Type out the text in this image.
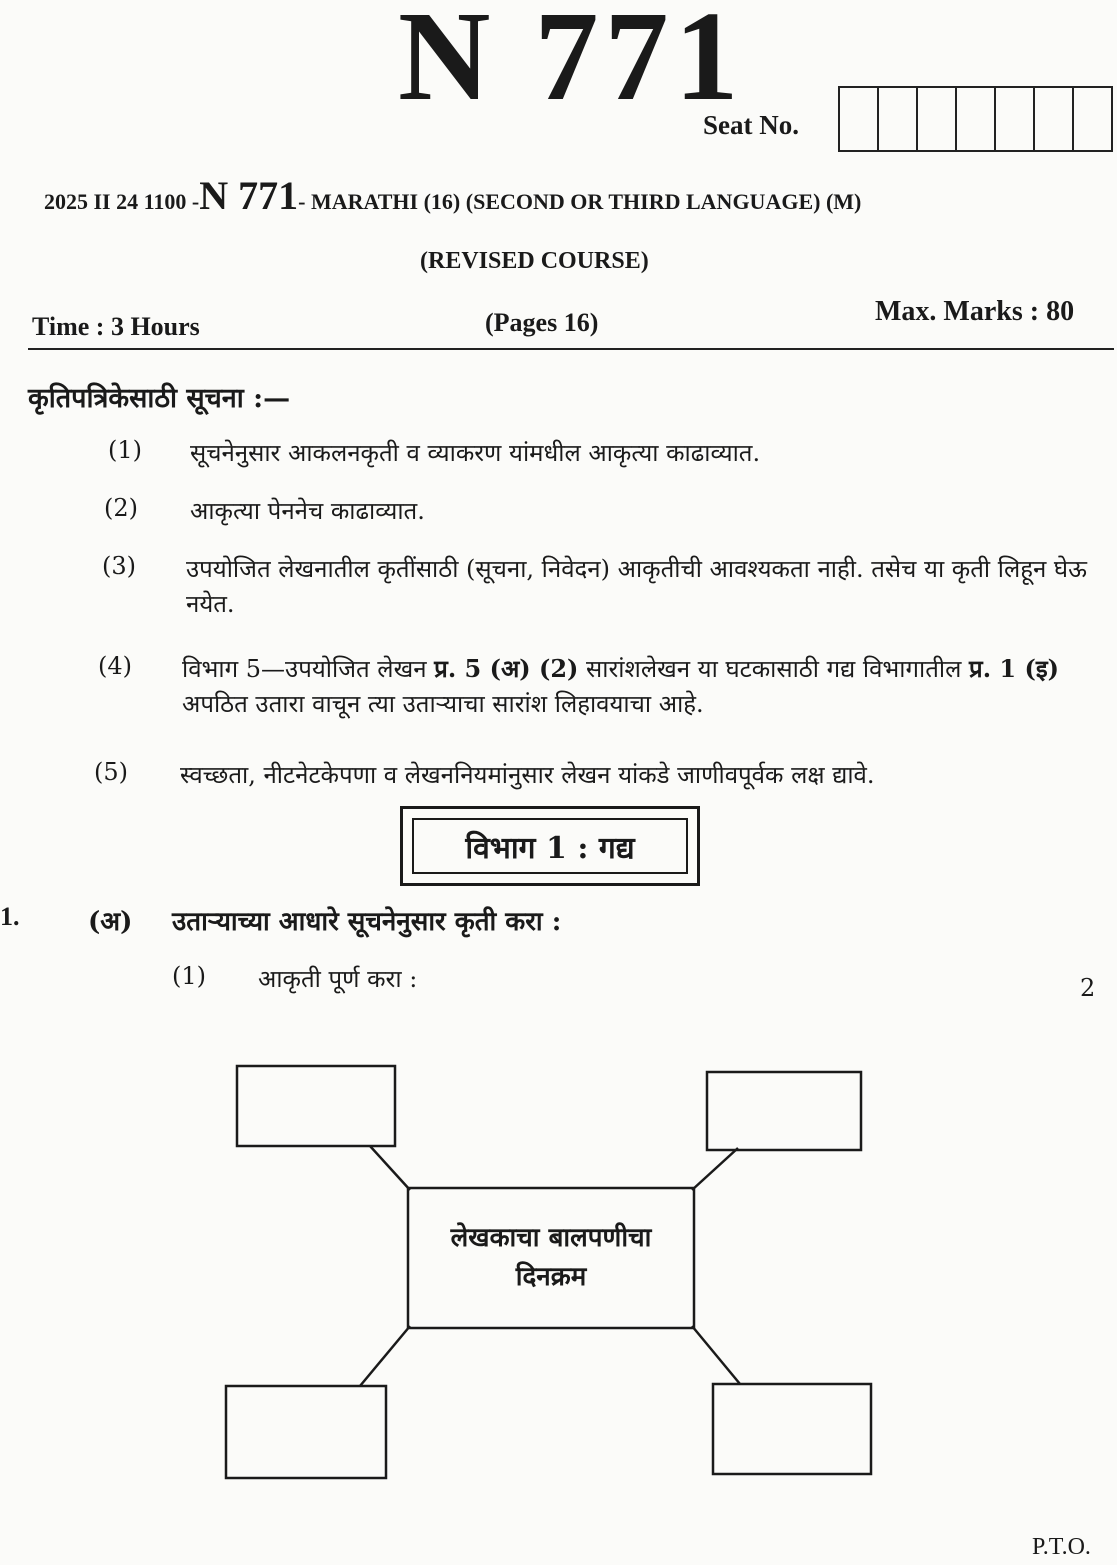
N 771
Seat No.
2025 II 24 1100 -N 771- MARATHI (16) (SECOND OR THIRD LANGUAGE) (M)
(REVISED COURSE)
Time : 3 Hours	(Pages 16)	Max. Marks : 80
कृतिपत्रिकेसाठी सूचना :—
(1) सूचनेनुसार आकलनकृती व व्याकरण यांमधील आकृत्या काढाव्यात.
(2) आकृत्या पेननेच काढाव्यात.
(3) उपयोजित लेखनातील कृतींसाठी (सूचना, निवेदन) आकृतीची आवश्यकता नाही. तसेच या कृती लिहून घेऊ नयेत.
(4) विभाग 5—उपयोजित लेखन प्र. 5 (अ) (2) सारांशलेखन या घटकासाठी गद्य विभागातील प्र. 1 (इ) अपठित उतारा वाचून त्या उताऱ्याचा सारांश लिहावयाचा आहे.
(5) स्वच्छता, नीटनेटकेपणा व लेखननियमांनुसार लेखन यांकडे जाणीवपूर्वक लक्ष द्यावे.
विभाग 1 : गद्य
1.	(अ) उताऱ्याच्या आधारे सूचनेनुसार कृती करा :
(1) आकृती पूर्ण करा :	2
लेखकाचा बालपणीचा
दिनक्रम
P.T.O.
